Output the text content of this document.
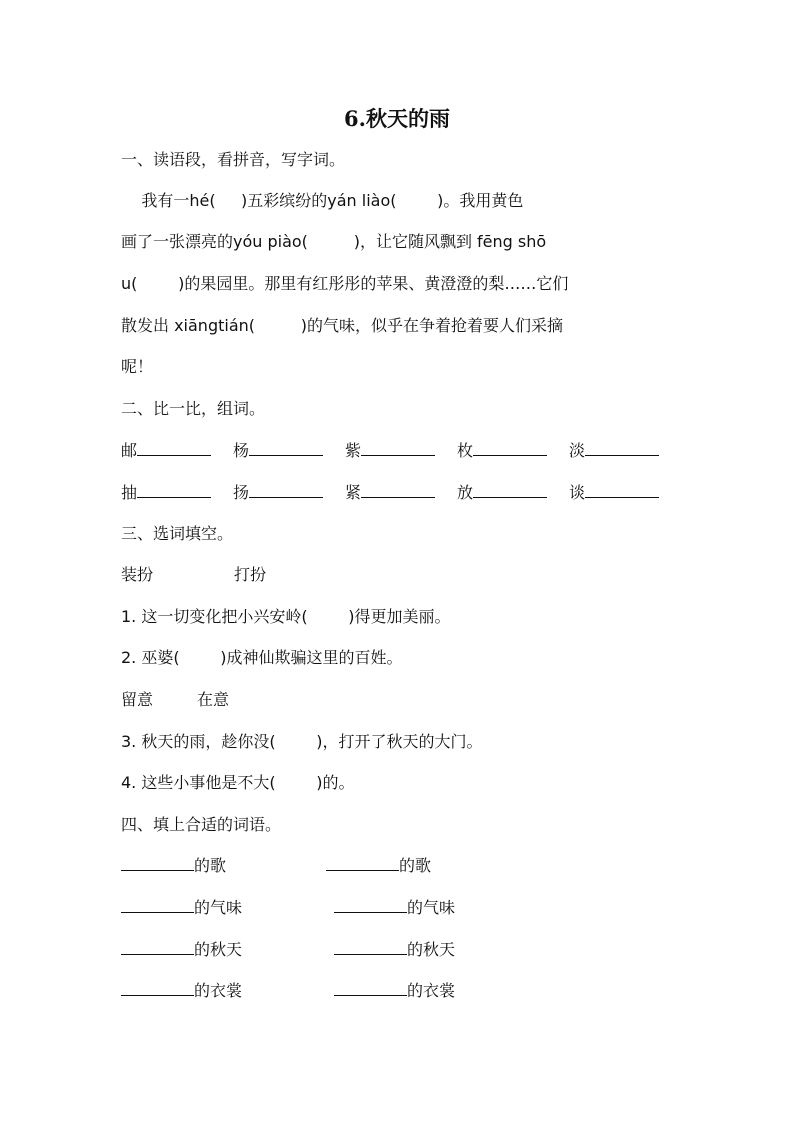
6.秋天的雨
一、读语段，看拼音，写字词。
我有一hé(     )五彩缤纷的yán liào(        )。我用黄色
画了一张漂亮的yóu piào(         )，让它随风飘到 fēng shō
u(        )的果园里。那里有红彤彤的苹果、黄澄澄的梨……它们
散发出 xiāngtián(         )的气味，似乎在争着抢着要人们采摘
呢！
二、比一比，组词。
邮	杨	紫	枚	淡
抽	扬	紧	放	谈
三、选词填空。
装扮	打扮
1. 这一切变化把小兴安岭(        )得更加美丽。
2. 巫婆(        )成神仙欺骗这里的百姓。
留意	在意
3. 秋天的雨，趁你没(        )，打开了秋天的大门。
4. 这些小事他是不大(        )的。
四、填上合适的词语。
的歌	的歌
的气味	的气味
的秋天	的秋天
的衣裳	的衣裳
